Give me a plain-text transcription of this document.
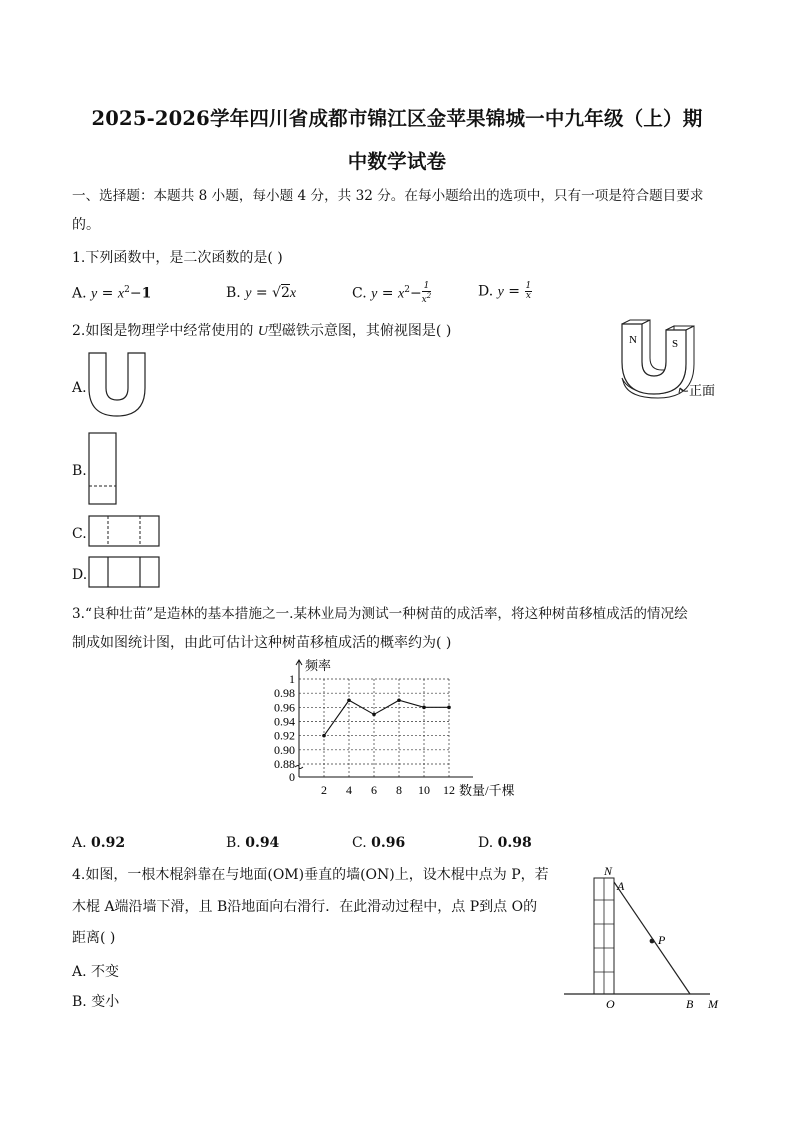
2025-2026学年四川省成都市锦江区金苹果锦城一中九年级（上）期
中数学试卷
一、选择题：本题共 8 小题，每小题 4 分，共 32 分。在每小题给出的选项中，只有一项是符合题目要求
的。
1.下列函数中，是二次函数的是( )
A. $y = x^2-1$	B. y = √2x	C. $y = x^2- \frac{1}{x^2}$	D. $y = \frac{1}{x}$
2.如图是物理学中经常使用的 U型磁铁示意图，其俯视图是( )
N	S
正面
A.
B.
C.
D.
3.“良种壮苗”是造林的基本措施之一.某林业局为测试一种树苗的成活率，将这种树苗移植成活的情况绘
制成如图统计图，由此可估计这种树苗移植成活的概率约为( )
1
0.98
0.96
0.94
0.92
0.90
0.88
0
2 4 6 8 10 12
频率
数量/千棵
A. 0.92	B. 0.94	C. 0.96	D. 0.98
4.如图，一根木棍斜靠在与地面(OM)垂直的墙(ON)上，设木棍中点为 P，若
木棍 A端沿墙下滑，且 B沿地面向右滑行．在此滑动过程中，点 P到点 O的
距离( )
A. 不变
B. 变小
N
A
P
O	B M
